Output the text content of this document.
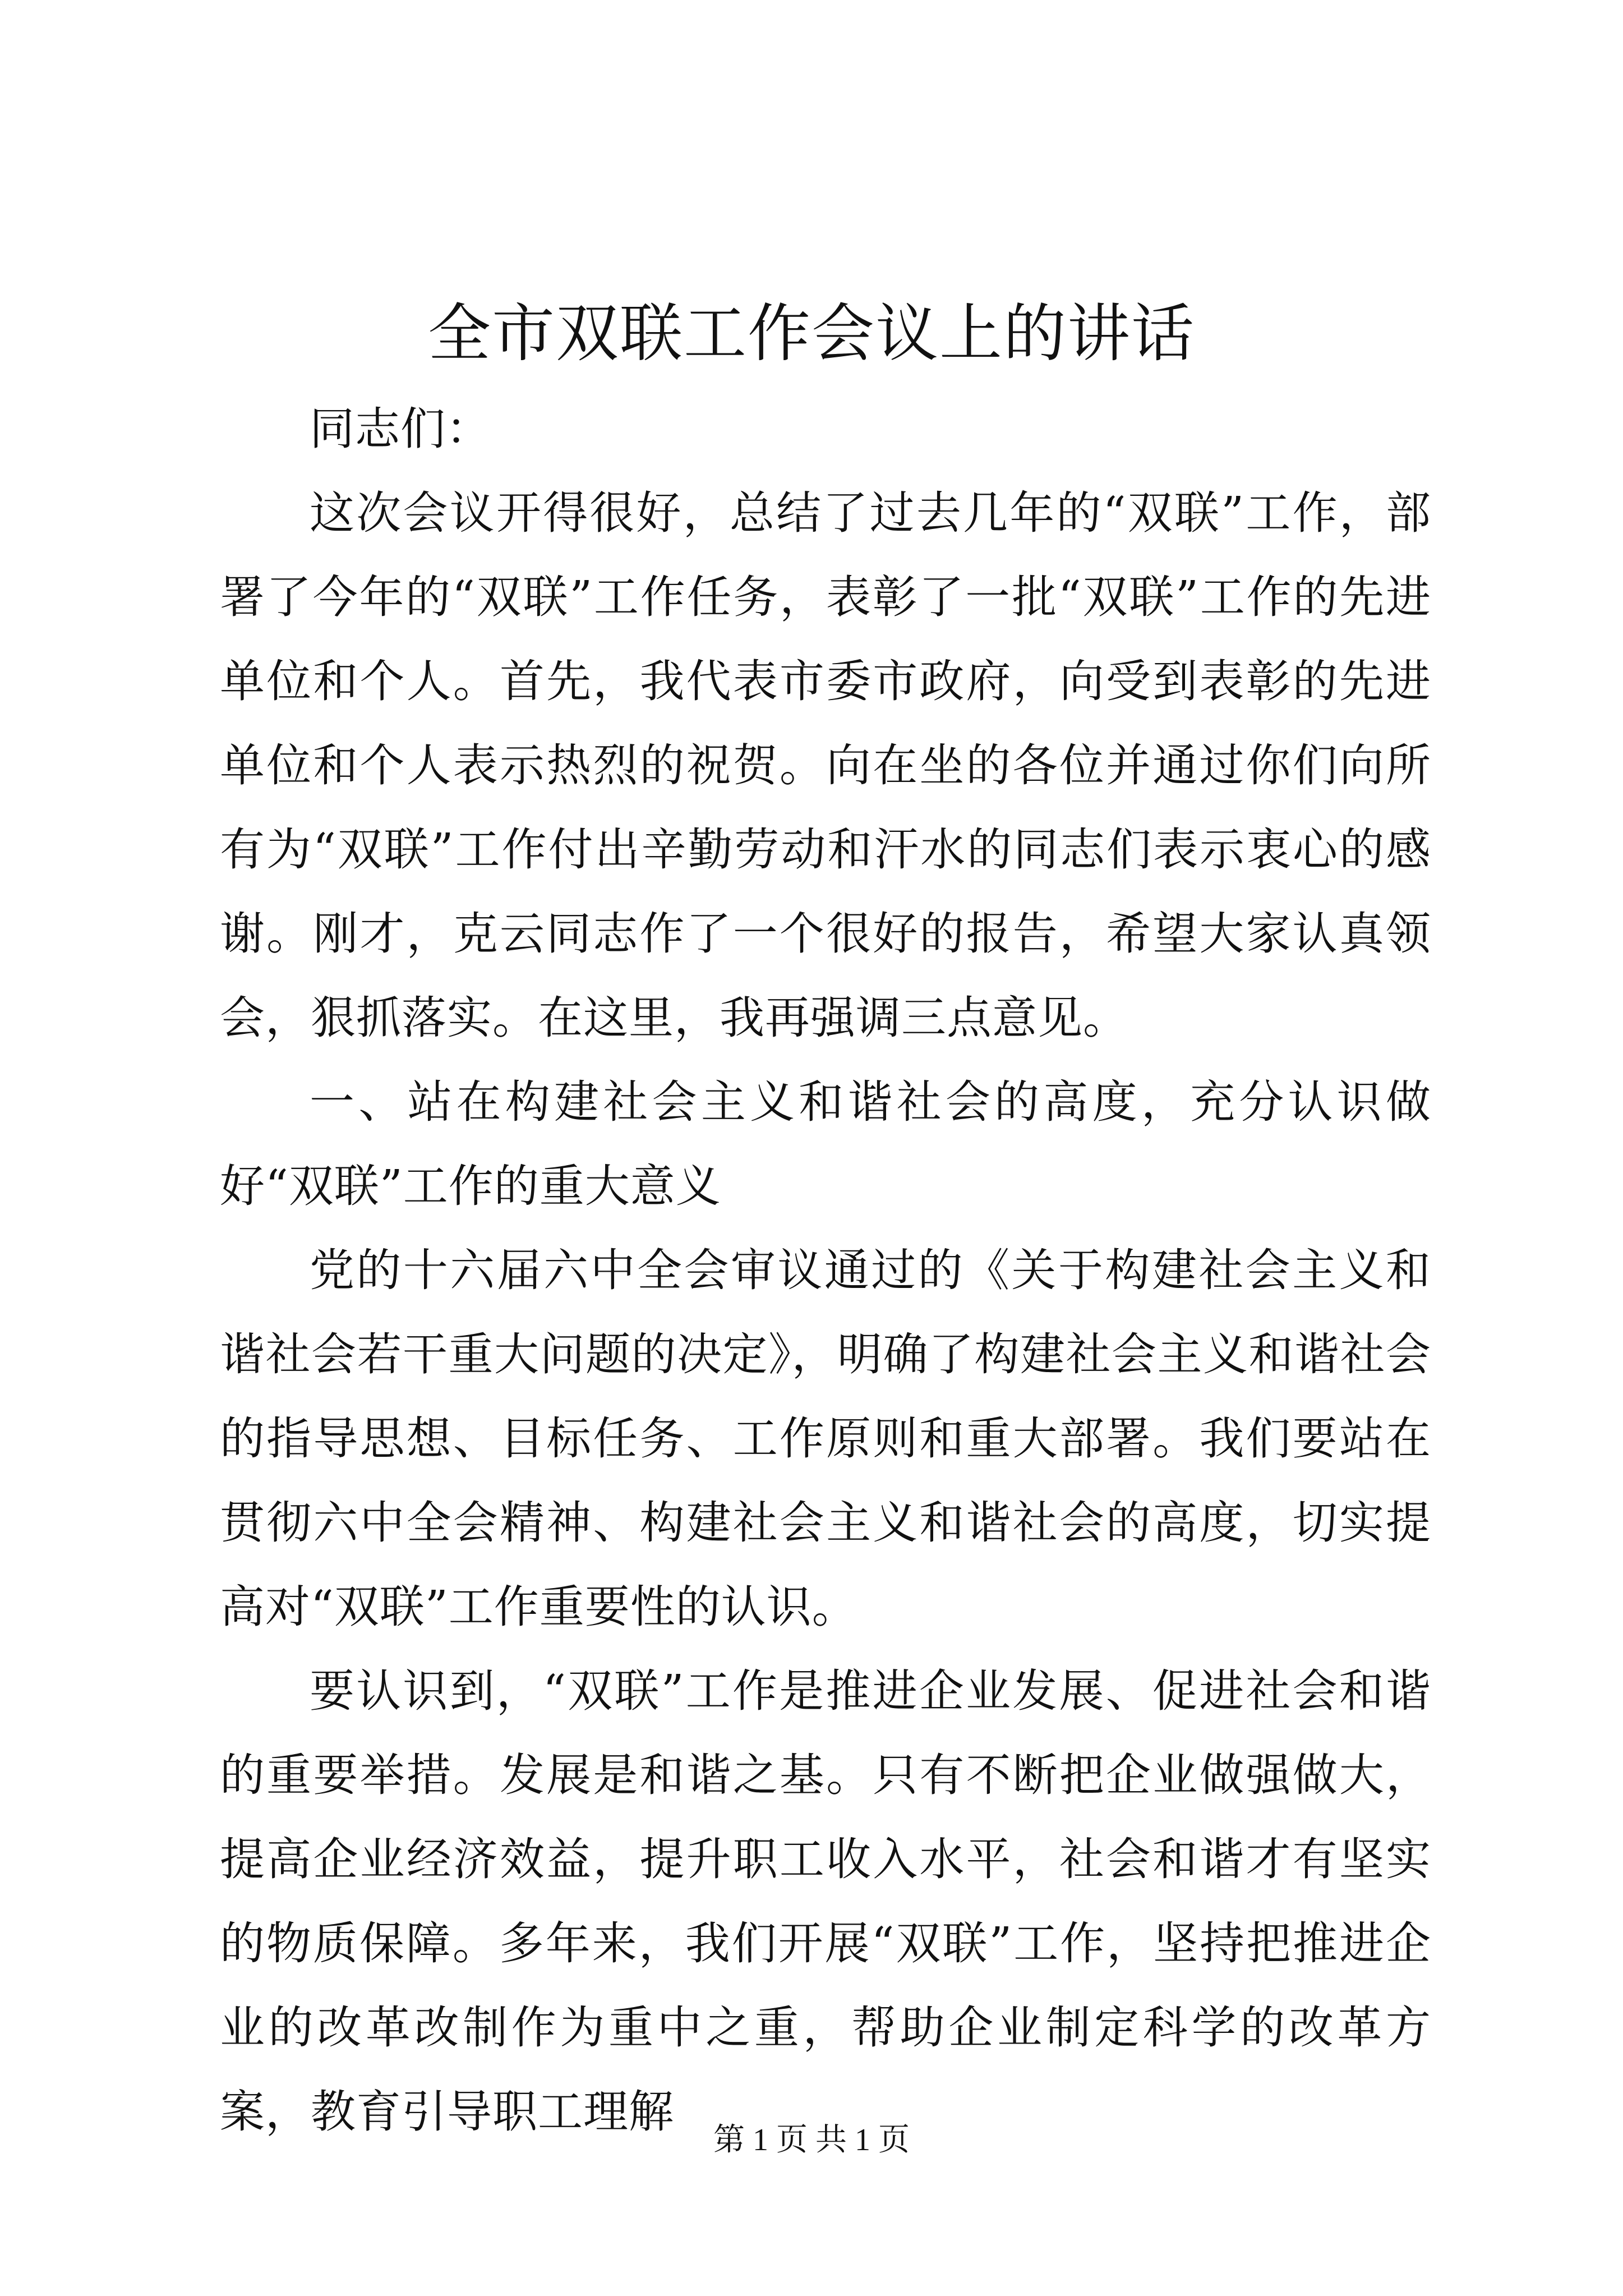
全市双联工作会议上的讲话

同志们：

这次会议开得很好，总结了过去几年的“双联”工作，部署了今年的“双联”工作任务，表彰了一批“双联”工作的先进单位和个人。首先，我代表市委市政府，向受到表彰的先进单位和个人表示热烈的祝贺。向在坐的各位并通过你们向所有为“双联”工作付出辛勤劳动和汗水的同志们表示衷心的感谢。刚才，克云同志作了一个很好的报告，希望大家认真领会，狠抓落实。在这里，我再强调三点意见。

一、站在构建社会主义和谐社会的高度，充分认识做好“双联”工作的重大意义

党的十六届六中全会审议通过的《关于构建社会主义和谐社会若干重大问题的决定》，明确了构建社会主义和谐社会的指导思想、目标任务、工作原则和重大部署。我们要站在贯彻六中全会精神、构建社会主义和谐社会的高度，切实提高对“双联”工作重要性的认识。

要认识到，“双联”工作是推进企业发展、促进社会和谐的重要举措。发展是和谐之基。只有不断把企业做强做大，提高企业经济效益，提升职工收入水平，社会和谐才有坚实的物质保障。多年来，我们开展“双联”工作，坚持把推进企业的改革改制作为重中之重，帮助企业制定科学的改革方案，教育引导职工理解

第 1 页 共 1 页
